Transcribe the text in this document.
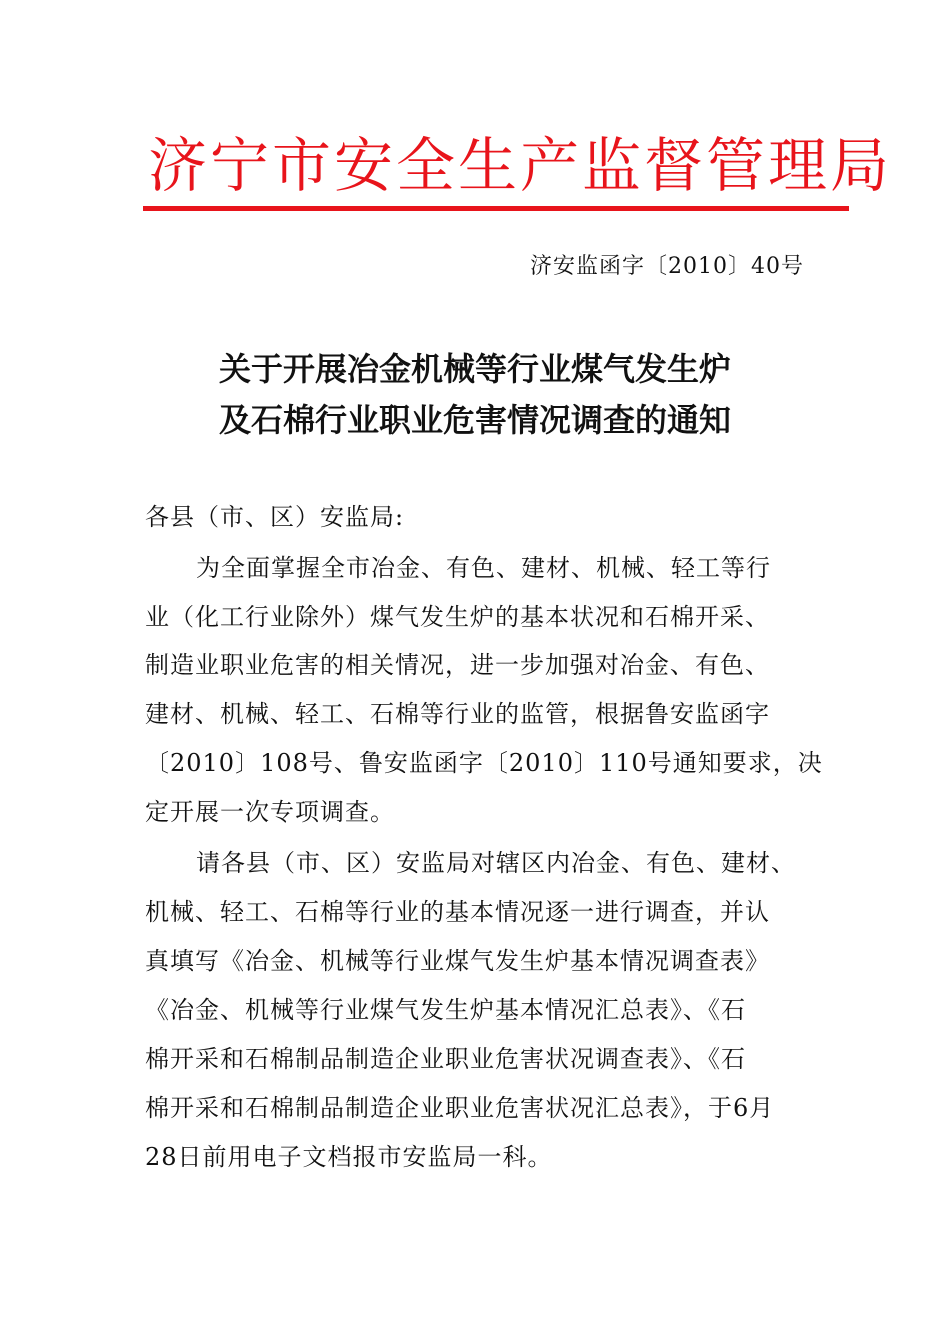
济宁市安全生产监督管理局
济安监函字〔2010〕40号
关于开展冶金机械等行业煤气发生炉
及石棉行业职业危害情况调查的通知
各县（市、区）安监局:
为全面掌握全市冶金、有色、建材、机械、轻工等行
业（化工行业除外）煤气发生炉的基本状况和石棉开采、
制造业职业危害的相关情况，进一步加强对冶金、有色、
建材、机械、轻工、石棉等行业的监管，根据鲁安监函字
〔2010〕108号、鲁安监函字〔2010〕110号通知要求，决
定开展一次专项调查。
请各县（市、区）安监局对辖区内冶金、有色、建材、
机械、轻工、石棉等行业的基本情况逐一进行调查，并认
真填写《冶金、机械等行业煤气发生炉基本情况调查表》
《冶金、机械等行业煤气发生炉基本情况汇总表》、《石
棉开采和石棉制品制造企业职业危害状况调查表》、《石
棉开采和石棉制品制造企业职业危害状况汇总表》，于6月
28日前用电子文档报市安监局一科。
